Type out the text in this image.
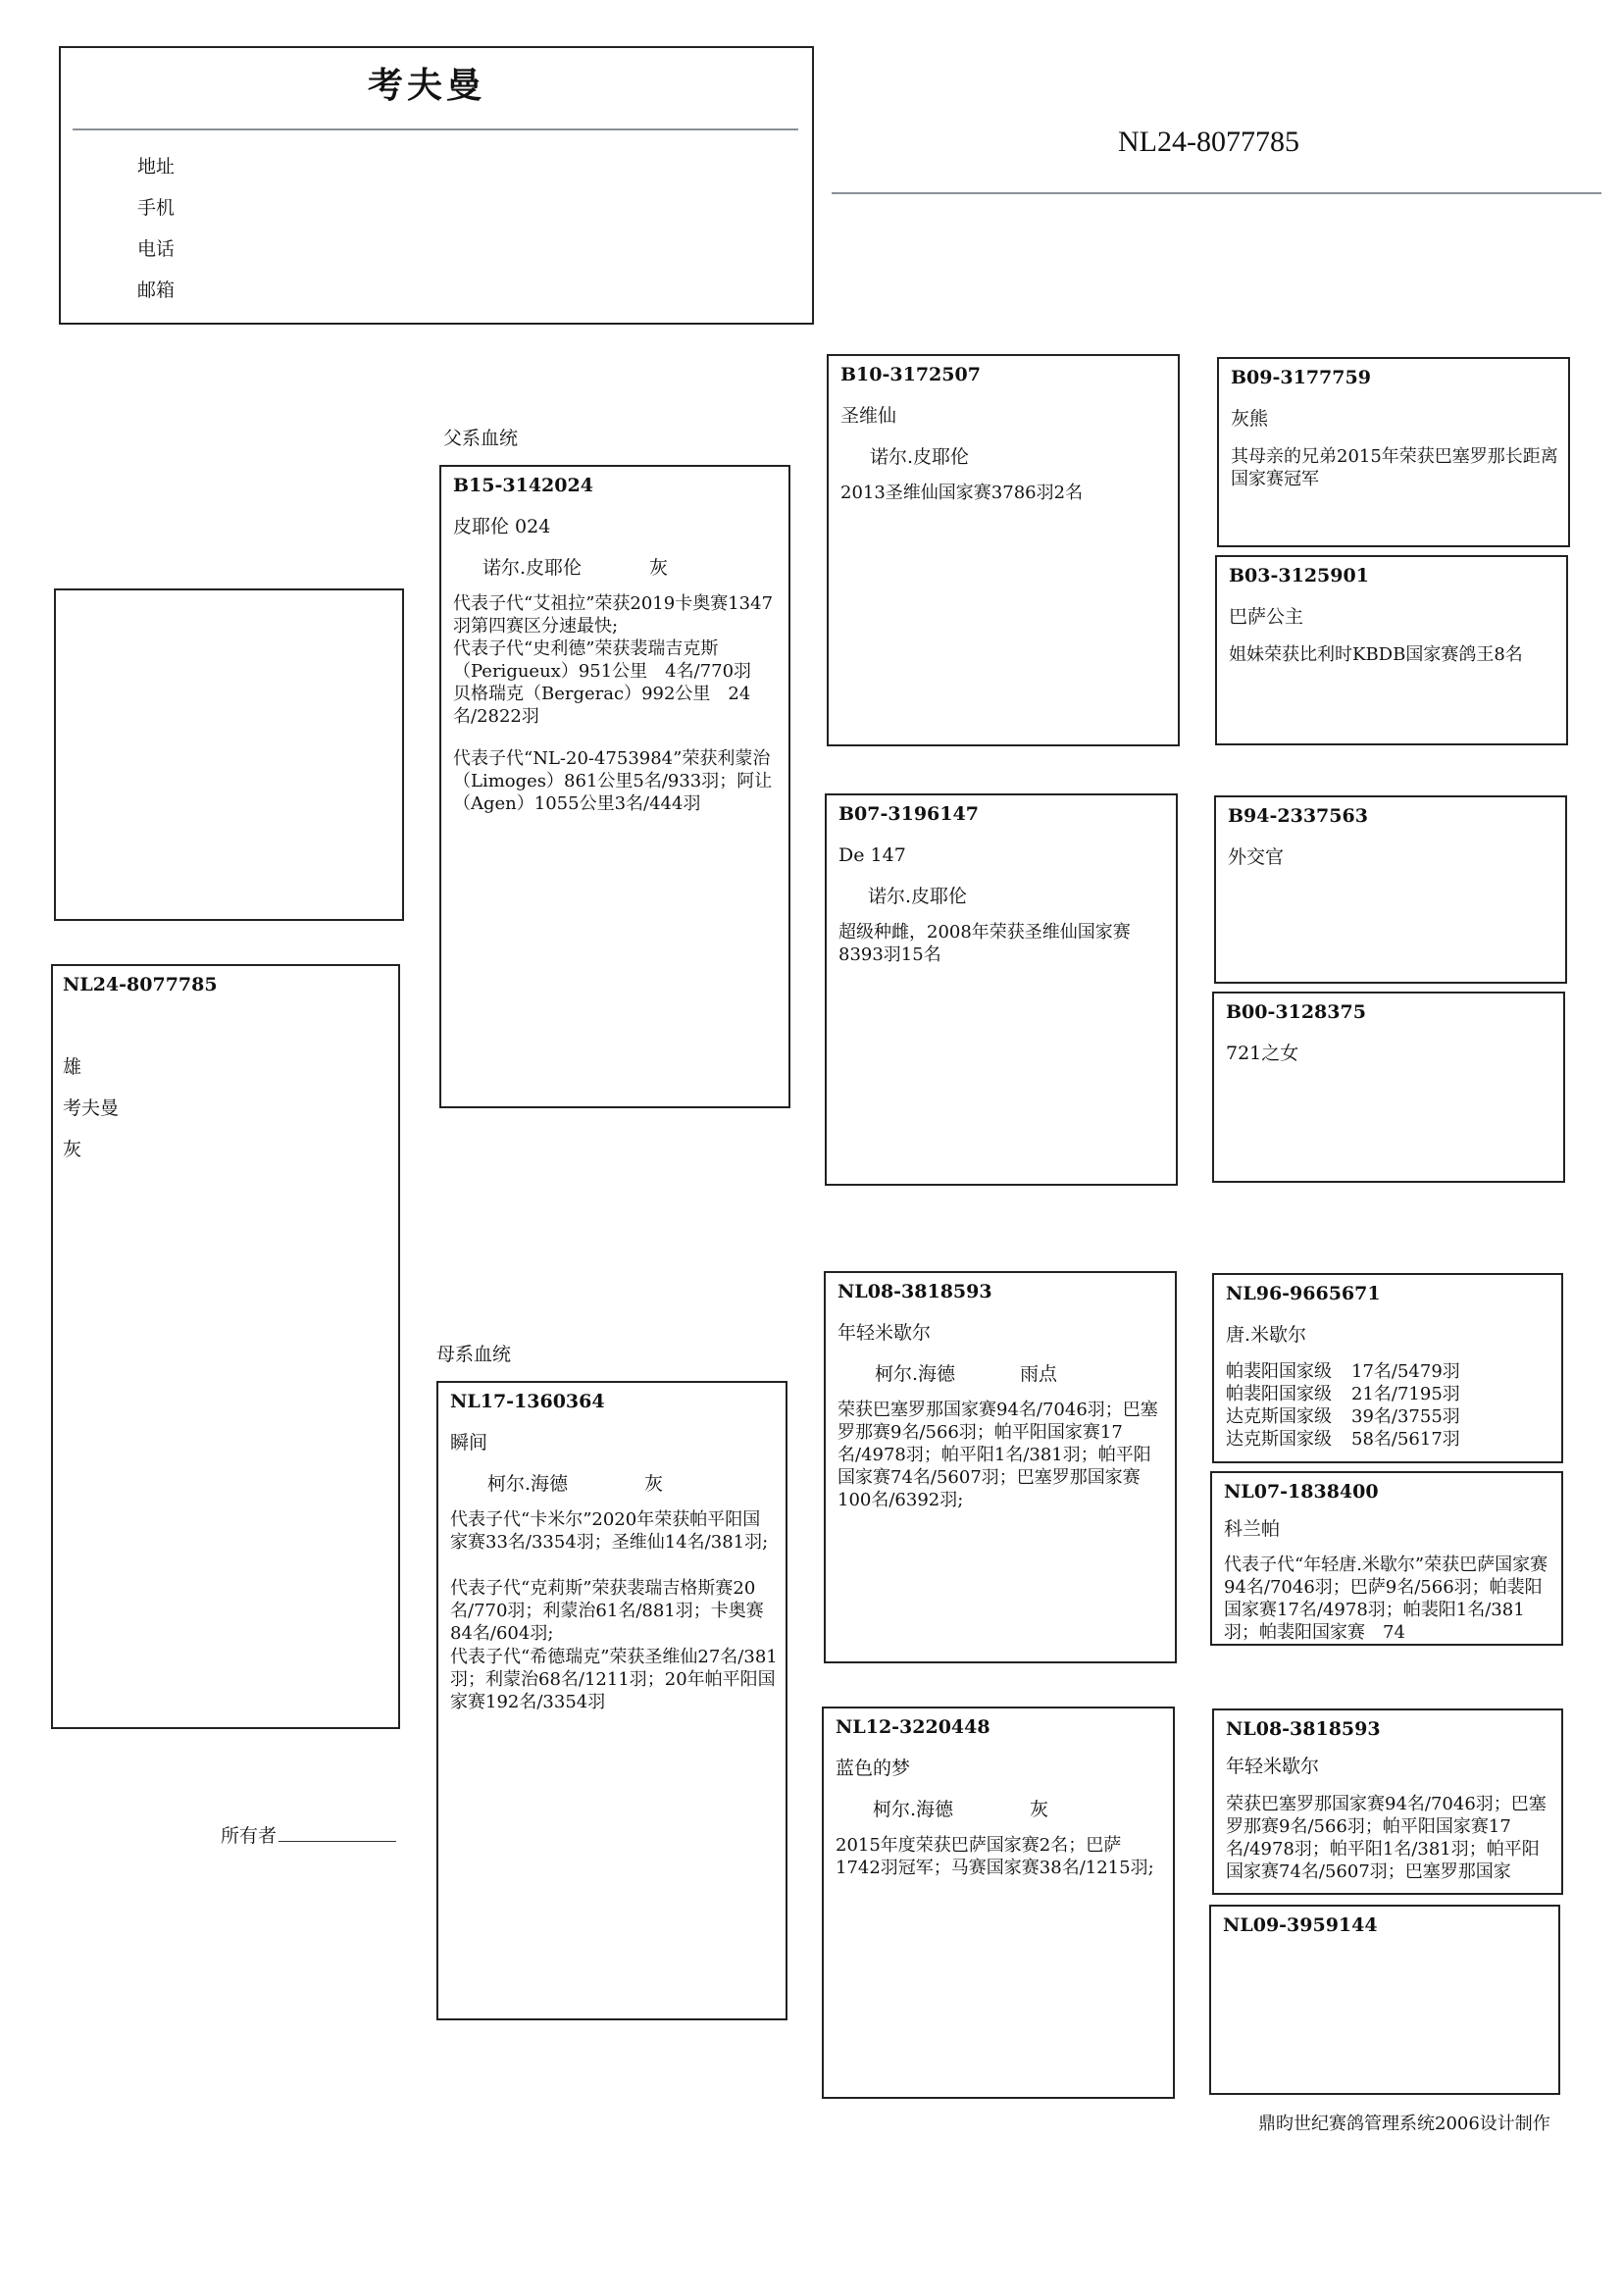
考夫曼
地址
手机
电话
邮箱
NL24-8077785
NL24-8077785
雄
考夫曼
灰
父系血统
母系血统
B15-3142024
皮耶伦 024
诺尔.皮耶伦	灰
代表子代“艾祖拉”荣获2019卡奥赛1347羽第四赛区分速最快;
代表子代“史利德”荣获裴瑞吉克斯（Perigueux）951公里　4名/770羽
贝格瑞克（Bergerac）992公里　24名/2822羽
代表子代“NL-20-4753984”荣获利蒙治（Limoges）861公里5名/933羽；阿让（Agen）1055公里3名/444羽
NL17-1360364
瞬间
柯尔.海德	灰
代表子代“卡米尔”2020年荣获帕平阳国家赛33名/3354羽；圣维仙14名/381羽;
代表子代“克莉斯”荣获裴瑞吉格斯赛20名/770羽；利蒙治61名/881羽；卡奥赛84名/604羽;
代表子代“希德瑞克”荣获圣维仙27名/381羽；利蒙治68名/1211羽；20年帕平阳国家赛192名/3354羽
B10-3172507
圣维仙
诺尔.皮耶伦
2013圣维仙国家赛3786羽2名
B07-3196147
De 147
诺尔.皮耶伦
超级种雌，2008年荣获圣维仙国家赛8393羽15名
NL08-3818593
年轻米歇尔
柯尔.海德	雨点
荣获巴塞罗那国家赛94名/7046羽；巴塞罗那赛9名/566羽；帕平阳国家赛17名/4978羽；帕平阳1名/381羽；帕平阳国家赛74名/5607羽；巴塞罗那国家赛100名/6392羽;
NL12-3220448
蓝色的梦
柯尔.海德	灰
2015年度荣获巴萨国家赛2名；巴萨1742羽冠军；马赛国家赛38名/1215羽;
B09-3177759
灰熊
其母亲的兄弟2015年荣获巴塞罗那长距离国家赛冠军
B03-3125901
巴萨公主
姐妹荣获比利时KBDB国家赛鸽王8名
B94-2337563
外交官
B00-3128375
721之女
NL96-9665671
唐.米歇尔
帕裴阳国家级 17名/5479羽
帕裴阳国家级 21名/7195羽
达克斯国家级 39名/3755羽
达克斯国家级 58名/5617羽
NL07-1838400
科兰帕
代表子代“年轻唐.米歇尔”荣获巴萨国家赛94名/7046羽；巴萨9名/566羽；帕裴阳国家赛17名/4978羽；帕裴阳1名/381羽；帕裴阳国家赛　74
NL08-3818593
年轻米歇尔
荣获巴塞罗那国家赛94名/7046羽；巴塞罗那赛9名/566羽；帕平阳国家赛17名/4978羽；帕平阳1名/381羽；帕平阳国家赛74名/5607羽；巴塞罗那国家
NL09-3959144
所有者
鼎昀世纪赛鸽管理系统2006设计制作
